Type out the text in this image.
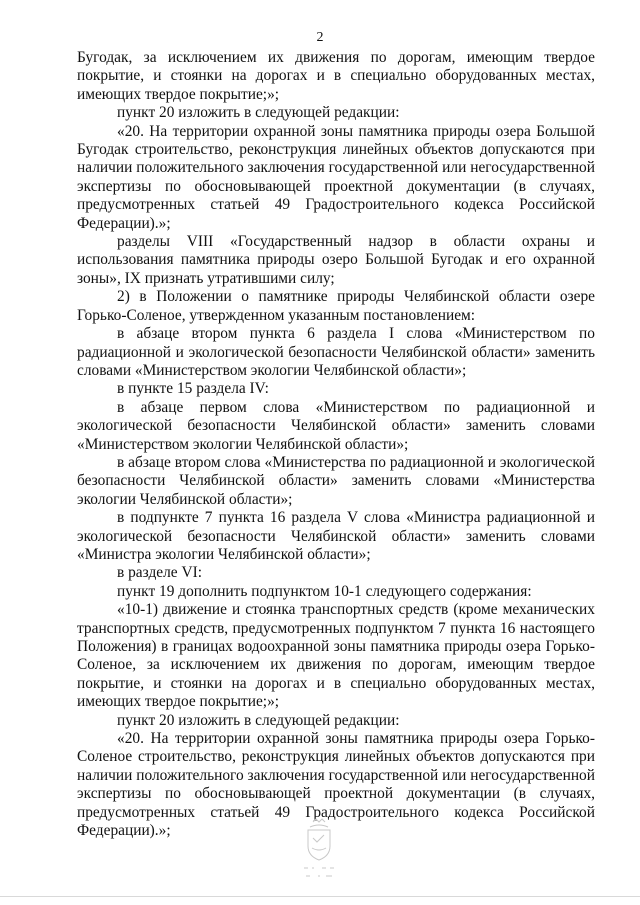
2

Бугодак, за исключением их движения по дорогам, имеющим твердое покрытие, и стоянки на дорогах и в специально оборудованных местах, имеющих твердое покрытие;»;

пункт 20 изложить в следующей редакции:

«20. На территории охранной зоны памятника природы озера Большой Бугодак строительство, реконструкция линейных объектов допускаются при наличии положительного заключения государственной или негосударственной экспертизы по обосновывающей проектной документации (в случаях, предусмотренных статьей 49 Градостроительного кодекса Российской Федерации).»;

разделы VIII «Государственный надзор в области охраны и использования памятника природы озеро Большой Бугодак и его охранной зоны», IX признать утратившими силу;

2) в Положении о памятнике природы Челябинской области озере Горько-Соленое, утвержденном указанным постановлением:

в абзаце втором пункта 6 раздела I слова «Министерством по радиационной и экологической безопасности Челябинской области» заменить словами «Министерством экологии Челябинской области»;

в пункте 15 раздела IV:

в абзаце первом слова «Министерством по радиационной и экологической безопасности Челябинской области» заменить словами «Министерством экологии Челябинской области»;

в абзаце втором слова «Министерства по радиационной и экологической безопасности Челябинской области» заменить словами «Министерства экологии Челябинской области»;

в подпункте 7 пункта 16 раздела V слова «Министра радиационной и экологической безопасности Челябинской области» заменить словами «Министра экологии Челябинской области»;

в разделе VI:

пункт 19 дополнить подпунктом 10-1 следующего содержания:

«10-1) движение и стоянка транспортных средств (кроме механических транспортных средств, предусмотренных подпунктом 7 пункта 16 настоящего Положения) в границах водоохранной зоны памятника природы озера Горько-Соленое, за исключением их движения по дорогам, имеющим твердое покрытие, и стоянки на дорогах и в специально оборудованных местах, имеющих твердое покрытие;»;

пункт 20 изложить в следующей редакции:

«20. На территории охранной зоны памятника природы озера Горько-Соленое строительство, реконструкция линейных объектов допускаются при наличии положительного заключения государственной или негосударственной экспертизы по обосновывающей проектной документации (в случаях, предусмотренных статьей 49 Градостроительного кодекса Российской Федерации).»;
